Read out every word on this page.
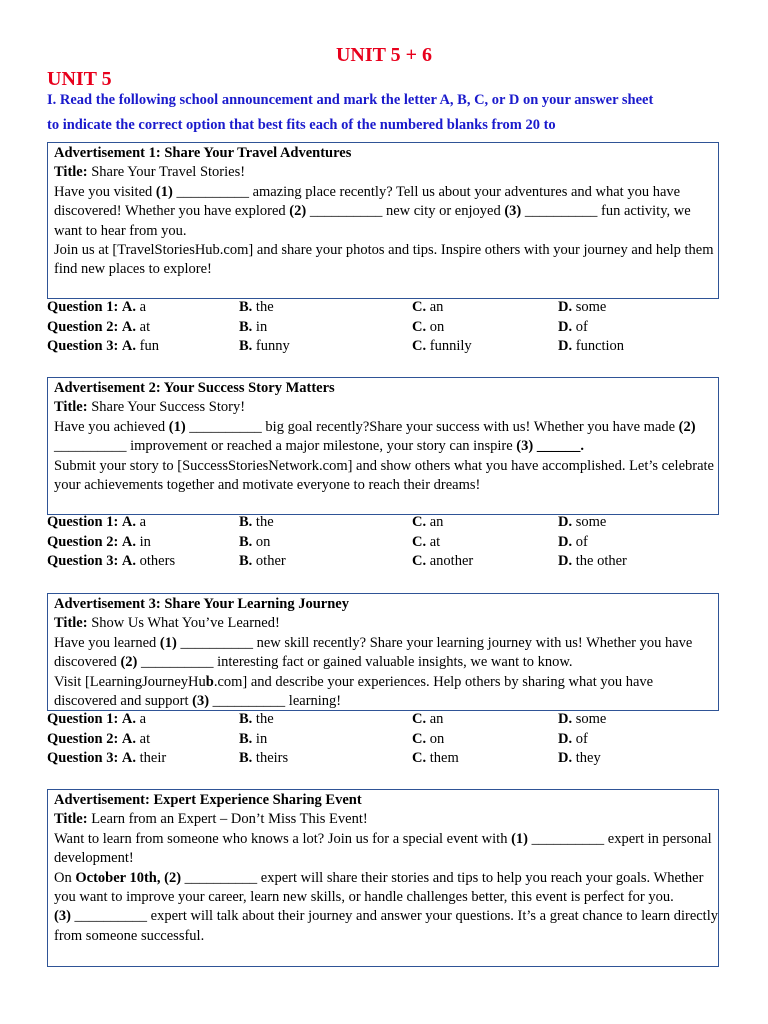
UNIT 5 + 6
UNIT 5
I. Read the following school announcement and mark the letter A, B, C, or D on your answer sheet
to indicate the correct option that best fits each of the numbered blanks from 20 to

Advertisement 1: Share Your Travel Adventures

Title: Share Your Travel Stories!

Have you visited (1) __________ amazing place recently? Tell us about your adventures and what you have discovered! Whether you have explored (2) __________ new city or enjoyed (3) __________ fun activity, we want to hear from you.

Join us at [TravelStoriesHub.com] and share your photos and tips. Inspire others with your journey and help them find new places to explore!

Question 1: A. a	B. the	C. an	D. some
Question 2: A. at	B. in	C. on	D. of
Question 3: A. fun	B. funny	C. funnily	D. function

Advertisement 2: Your Success Story Matters

Title: Share Your Success Story!

Have you achieved (1) __________ big goal recently?Share your success with us! Whether you have made (2) __________ improvement or reached a major milestone, your story can inspire (3) ______.

Submit your story to [SuccessStoriesNetwork.com] and show others what you have accomplished. Let’s celebrate your achievements together and motivate everyone to reach their dreams!

Question 1: A. a	B. the	C. an	D. some
Question 2: A. in	B. on	C. at	D. of
Question 3: A. others	B. other	C. another	D. the other

Advertisement 3: Share Your Learning Journey

Title: Show Us What You’ve Learned!

Have you learned (1) __________ new skill recently? Share your learning journey with us! Whether you have discovered (2) __________ interesting fact or gained valuable insights, we want to know.

Visit [LearningJourneyHub.com] and describe your experiences. Help others by sharing what you have discovered and support (3) __________ learning!

Question 1: A. a	B. the	C. an	D. some
Question 2: A. at	B. in	C. on	D. of
Question 3: A. their	B. theirs	C. them	D. they

Advertisement: Expert Experience Sharing Event

Title: Learn from an Expert – Don’t Miss This Event!

Want to learn from someone who knows a lot? Join us for a special event with (1) __________ expert in personal development!

On October 10th, (2) __________ expert will share their stories and tips to help you reach your goals. Whether you want to improve your career, learn new skills, or handle challenges better, this event is perfect for you.

(3) __________ expert will talk about their journey and answer your questions. It’s a great chance to learn directly from someone successful.
